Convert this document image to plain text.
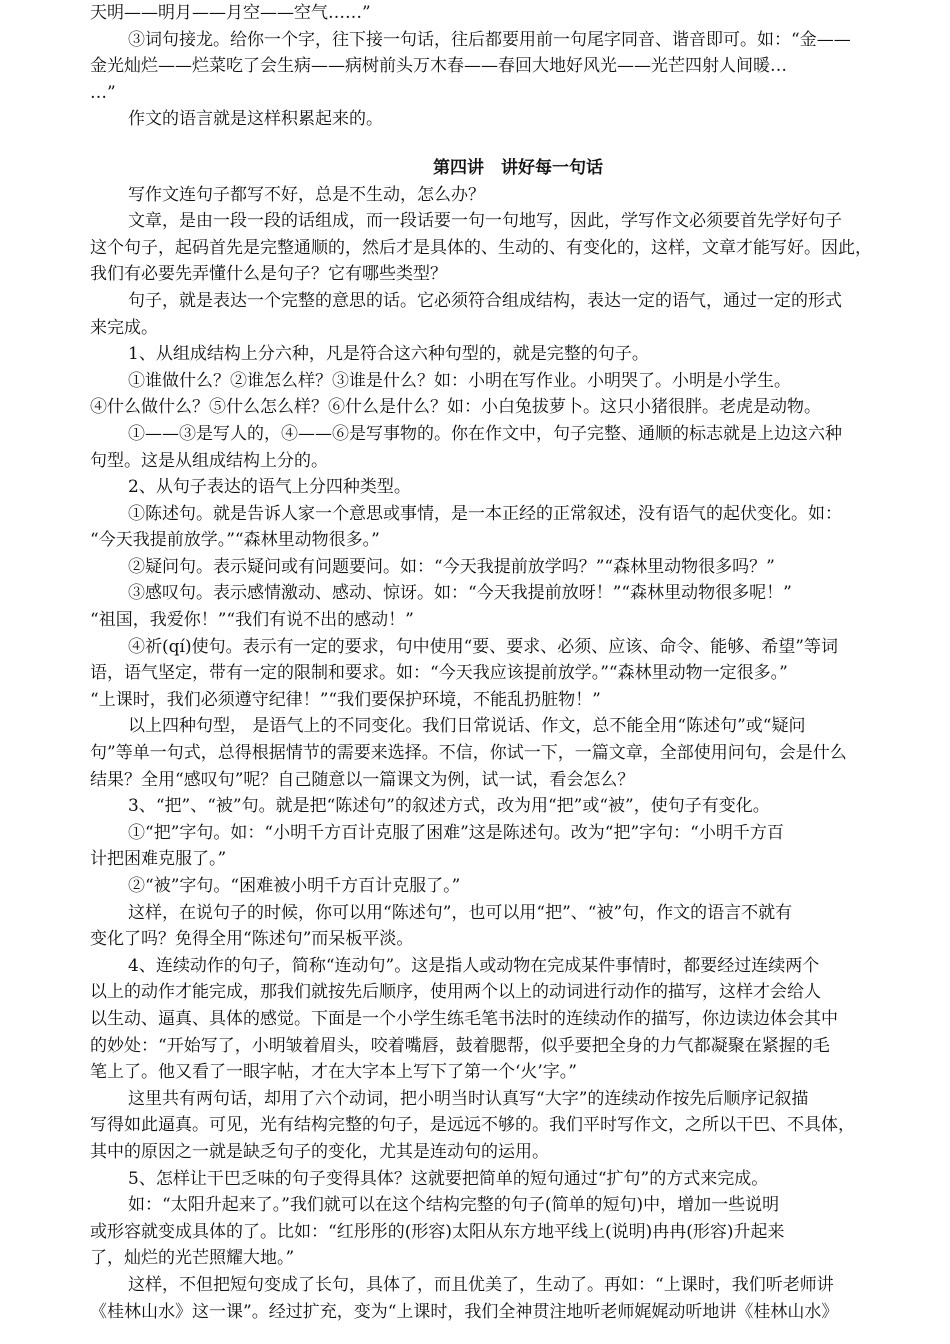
天明——明月——月空——空气……”
③词句接龙。给你一个字，往下接一句话，往后都要用前一句尾字同音、谐音即可。如：“金——
金光灿烂——烂菜吃了会生病——病树前头万木春——春回大地好风光——光芒四射人间暖…
…”
作文的语言就是这样积累起来的。
第四讲　讲好每一句话
写作文连句子都写不好，总是不生动，怎么办？
文章，是由一段一段的话组成，而一段话要一句一句地写，因此，学写作文必须要首先学好句子
这个句子，起码首先是完整通顺的，然后才是具体的、生动的、有变化的，这样，文章才能写好。因此，
我们有必要先弄懂什么是句子？它有哪些类型？
句子，就是表达一个完整的意思的话。它必须符合组成结构，表达一定的语气，通过一定的形式
来完成。
1、从组成结构上分六种，凡是符合这六种句型的，就是完整的句子。
①谁做什么？②谁怎么样？③谁是什么？如：小明在写作业。小明哭了。小明是小学生。
④什么做什么？⑤什么怎么样？⑥什么是什么？如：小白兔拔萝卜。这只小猪很胖。老虎是动物。
①——③是写人的，④——⑥是写事物的。你在作文中，句子完整、通顺的标志就是上边这六种
句型。这是从组成结构上分的。
2、从句子表达的语气上分四种类型。
①陈述句。就是告诉人家一个意思或事情，是一本正经的正常叙述，没有语气的起伏变化。如：
“今天我提前放学。”“森林里动物很多。”
②疑问句。表示疑问或有问题要问。如：“今天我提前放学吗？”“森林里动物很多吗？”
③感叹句。表示感情激动、感动、惊讶。如：“今天我提前放呀！”“森林里动物很多呢！”
“祖国，我爱你！”“我们有说不出的感动！”
④祈(qí)使句。表示有一定的要求，句中使用“要、要求、必须、应该、命令、能够、希望”等词
语，语气坚定，带有一定的限制和要求。如：“今天我应该提前放学。”“森林里动物一定很多。”
“上课时，我们必须遵守纪律！”“我们要保护环境，不能乱扔脏物！”
以上四种句型， 是语气上的不同变化。我们日常说话、作文，总不能全用“陈述句”或“疑问
句”等单一句式，总得根据情节的需要来选择。不信，你试一下，一篇文章，全部使用问句，会是什么
结果？全用“感叹句”呢？自己随意以一篇课文为例，试一试，看会怎么？
3、“把”、“被”句。就是把“陈述句”的叙述方式，改为用“把”或“被”，使句子有变化。
①“把”字句。如：“小明千方百计克服了困难”这是陈述句。改为“把”字句：“小明千方百
计把困难克服了。”
②“被”字句。“困难被小明千方百计克服了。”
这样，在说句子的时候，你可以用“陈述句”，也可以用“把”、“被”句，作文的语言不就有
变化了吗？免得全用“陈述句”而呆板平淡。
4、连续动作的句子，简称“连动句”。这是指人或动物在完成某件事情时，都要经过连续两个
以上的动作才能完成，那我们就按先后顺序，使用两个以上的动词进行动作的描写，这样才会给人
以生动、逼真、具体的感觉。下面是一个小学生练毛笔书法时的连续动作的描写，你边读边体会其中
的妙处：“开始写了，小明皱着眉头，咬着嘴唇，鼓着腮帮，似乎要把全身的力气都凝聚在紧握的毛
笔上了。他又看了一眼字帖，才在大字本上写下了第一个‘火’字。”
这里共有两句话，却用了六个动词，把小明当时认真写“大字”的连续动作按先后顺序记叙描
写得如此逼真。可见，光有结构完整的句子，是远远不够的。我们平时写作文，之所以干巴、不具体，
其中的原因之一就是缺乏句子的变化，尤其是连动句的运用。
5、怎样让干巴乏味的句子变得具体？这就要把简单的短句通过“扩句”的方式来完成。
如：“太阳升起来了。”我们就可以在这个结构完整的句子(简单的短句)中，增加一些说明
或形容就变成具体的了。比如：“红彤彤的(形容)太阳从东方地平线上(说明)冉冉(形容)升起来
了，灿烂的光芒照耀大地。”
这样，不但把短句变成了长句，具体了，而且优美了，生动了。再如：“上课时，我们听老师讲
《桂林山水》这一课”。经过扩充，变为“上课时，我们全神贯注地听老师娓娓动听地讲《桂林山水》
